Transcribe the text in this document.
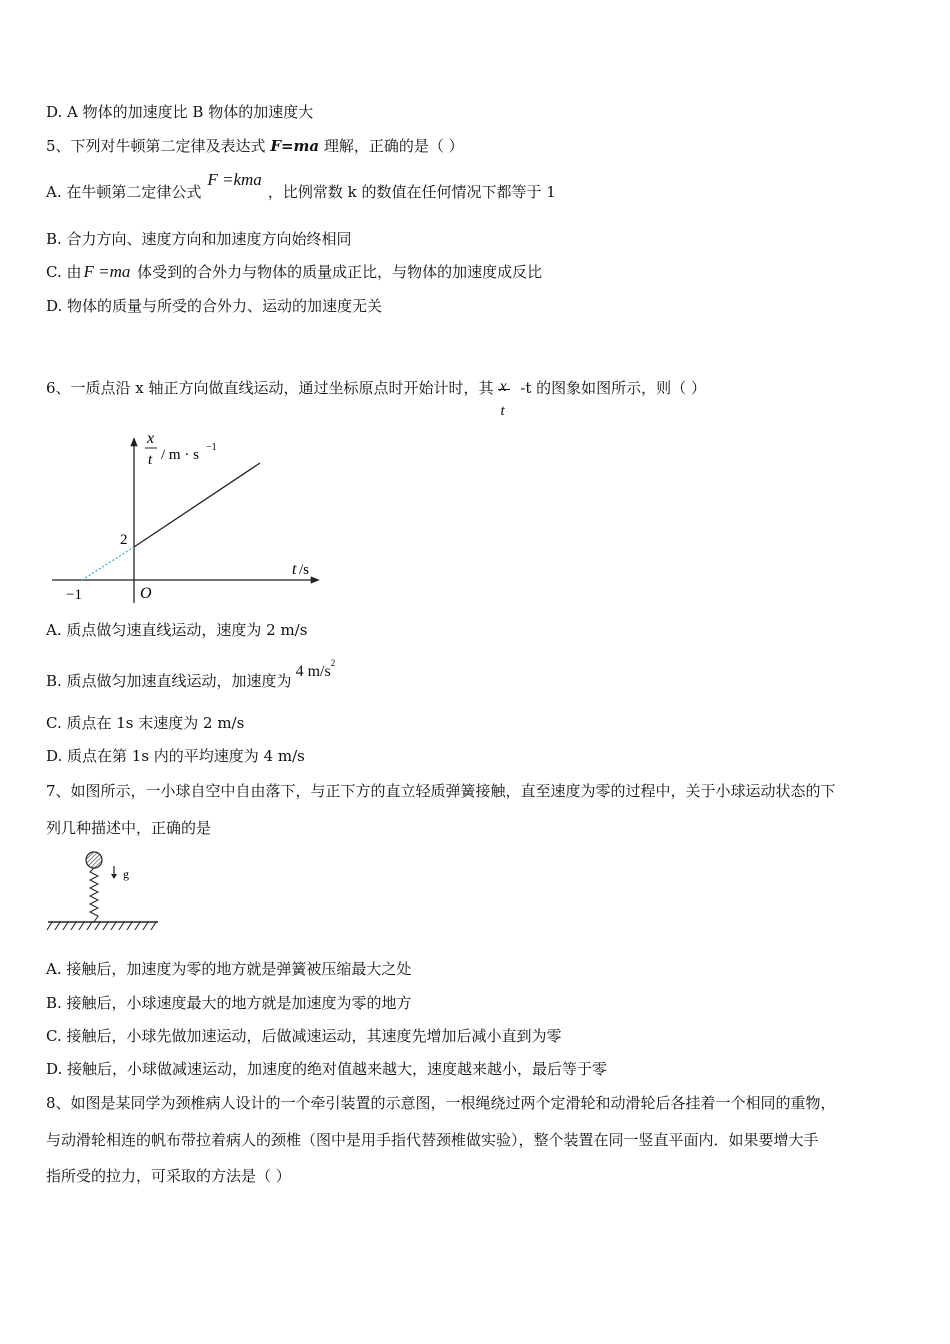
D. A 物体的加速度比 B 物体的加速度大
5、下列对牛顿第二定律及表达式 F=ma 理解，正确的是（ ）
A. 在牛顿第二定律公式F =kma，比例常数 k 的数值在任何情况下都等于 1
B. 合力方向、速度方向和加速度方向始终相同
C. 由 F =ma 体受到的合外力与物体的质量成正比，与物体的加速度成反比
D. 物体的质量与所受的合外力、运动的加速度无关
6、一质点沿 x 轴正方向做直线运动，通过坐标原点时开始计时，其 x
t
-t 的图象如图所示，则（ ）
x
t / m · s −1
2
t /s
−1	O
A. 质点做匀速直线运动，速度为 2 m/s
B. 质点做匀加速直线运动，加速度为4 $m/s^2$
C. 质点在 1s 末速度为 2 m/s
D. 质点在第 1s 内的平均速度为 4 m/s
7、如图所示，一小球自空中自由落下，与正下方的直立轻质弹簧接触，直至速度为零的过程中，关于小球运动状态的下
列几种描述中，正确的是
g
A. 接触后，加速度为零的地方就是弹簧被压缩最大之处
B. 接触后，小球速度最大的地方就是加速度为零的地方
C. 接触后，小球先做加速运动，后做减速运动，其速度先增加后减小直到为零
D. 接触后，小球做减速运动，加速度的绝对值越来越大，速度越来越小，最后等于零
8、如图是某同学为颈椎病人设计的一个牵引装置的示意图，一根绳绕过两个定滑轮和动滑轮后各挂着一个相同的重物，
与动滑轮相连的帆布带拉着病人的颈椎（图中是用手指代替颈椎做实验），整个装置在同一竖直平面内．如果要增大手
指所受的拉力，可采取的方法是（ ）
